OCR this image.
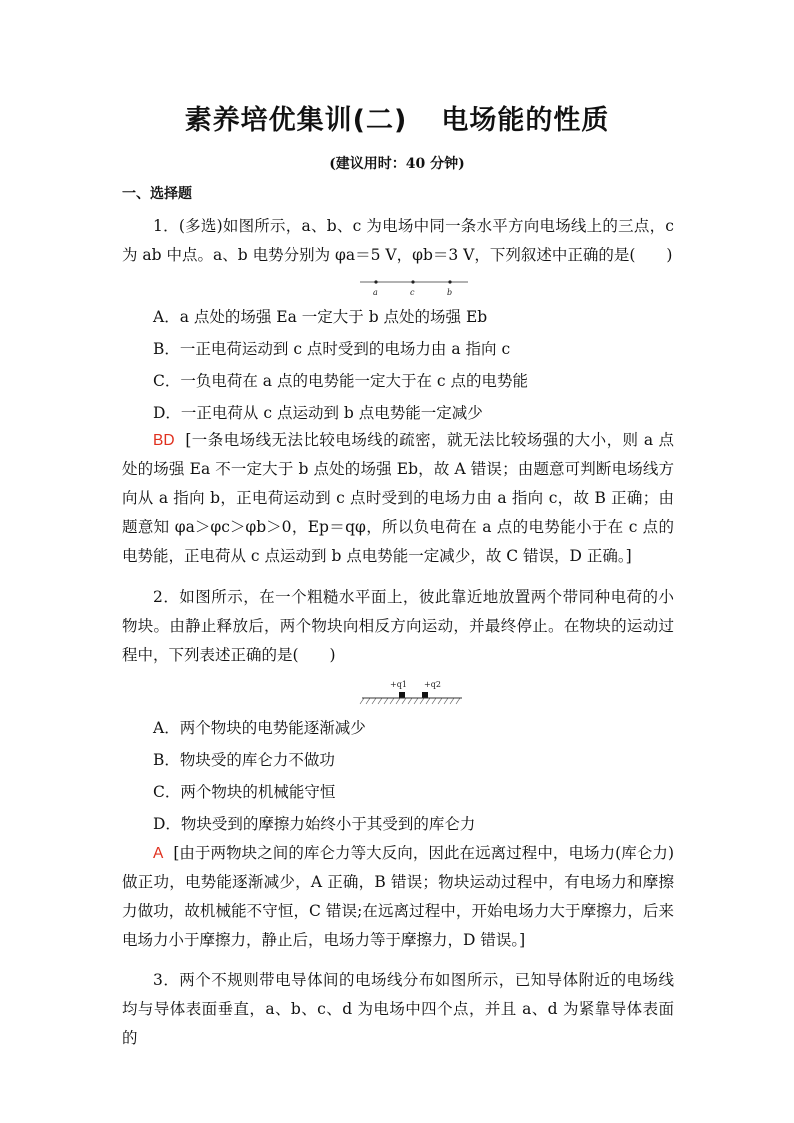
素养培优集训(二) 电场能的性质
(建议用时：40 分钟)
一、选择题
1．(多选)如图所示，a、b、c 为电场中同一条水平方向电场线上的三点，c 为 ab 中点。a、b 电势分别为 φa＝5 V，φb＝3 V，下列叙述中正确的是(　　)
a	c	b
A．a 点处的场强 Ea 一定大于 b 点处的场强 Eb
B．一正电荷运动到 c 点时受到的电场力由 a 指向 c
C．一负电荷在 a 点的电势能一定大于在 c 点的电势能
D．一正电荷从 c 点运动到 b 点电势能一定减少
BD [一条电场线无法比较电场线的疏密，就无法比较场强的大小，则 a 点处的场强 Ea 不一定大于 b 点处的场强 Eb，故 A 错误；由题意可判断电场线方向从 a 指向 b，正电荷运动到 c 点时受到的电场力由 a 指向 c，故 B 正确；由题意知 φa＞φc＞φb＞0，Ep＝qφ，所以负电荷在 a 点的电势能小于在 c 点的电势能，正电荷从 c 点运动到 b 点电势能一定减少，故 C 错误，D 正确。]
2．如图所示，在一个粗糙水平面上，彼此靠近地放置两个带同种电荷的小物块。由静止释放后，两个物块向相反方向运动，并最终停止。在物块的运动过程中，下列表述正确的是(　　)
+q1 +q2
A．两个物块的电势能逐渐减少
B．物块受的库仑力不做功
C．两个物块的机械能守恒
D．物块受到的摩擦力始终小于其受到的库仑力
A [由于两物块之间的库仑力等大反向，因此在远离过程中，电场力(库仑力)做正功，电势能逐渐减少，A 正确，B 错误；物块运动过程中，有电场力和摩擦力做功，故机械能不守恒，C 错误;在远离过程中，开始电场力大于摩擦力，后来电场力小于摩擦力，静止后，电场力等于摩擦力，D 错误。]
3．两个不规则带电导体间的电场线分布如图所示，已知导体附近的电场线均与导体表面垂直，a、b、c、d 为电场中四个点，并且 a、d 为紧靠导体表面的
